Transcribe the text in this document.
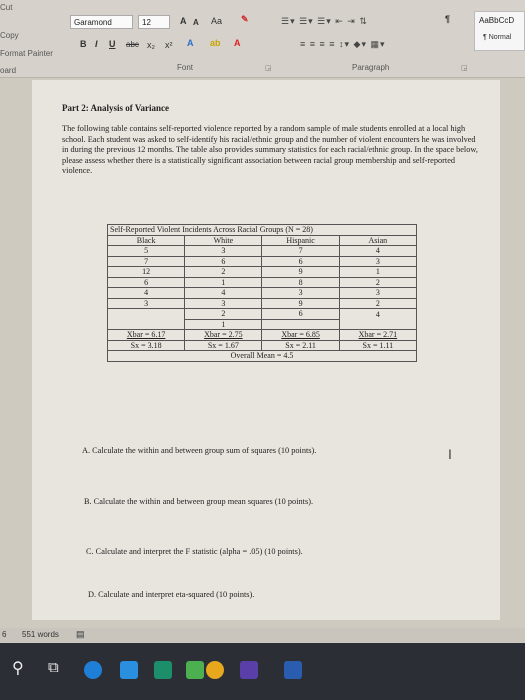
Cut
Copy
Format Painter
oard
Garamond	12	A A Aa ✎
B I U abc x₂ x² A ab A
Font	◲
☰▾ ☰▾ ☰▾ ⇤ ⇥ ⇅	¶
≡ ≡ ≡ ≡ ↕▾ ◆▾ ▦▾
Paragraph	◲
AaBbCcD
¶ Normal
Part 2: Analysis of Variance
The following table contains self-reported violence reported by a random sample of male students enrolled at a local high school. Each student was asked to self-identify his racial/ethnic group and the number of violent encounters he was involved in during the previous 12 months. The table also provides summary statistics for each racial/ethnic group. In the space below, please assess whether there is a statistically significant association between racial group membership and self-reported violence.
Self-Reported Violent Incidents Across Racial Groups (N = 28)			
Black	White	Hispanic	Asian
5	3	7	4
7	6	6	3
12	2	9	1
6	1	8	2
4	4	3	3
3	3	9	2
	2	6	4
	1		
Xbar = 6.17	Xbar = 2.75	Xbar = 6.85	Xbar = 2.71
Sx = 3.18	Sx = 1.67	Sx = 2.11	Sx = 1.11
Overall Mean = 4.5			
A. Calculate the within and between group sum of squares (10 points).
B. Calculate the within and between group mean squares (10 points).
C. Calculate and interpret the F statistic (alpha = .05) (10 points).
D. Calculate and interpret eta-squared (10 points).
I
6 551 words ▤
⚲ ⧉
